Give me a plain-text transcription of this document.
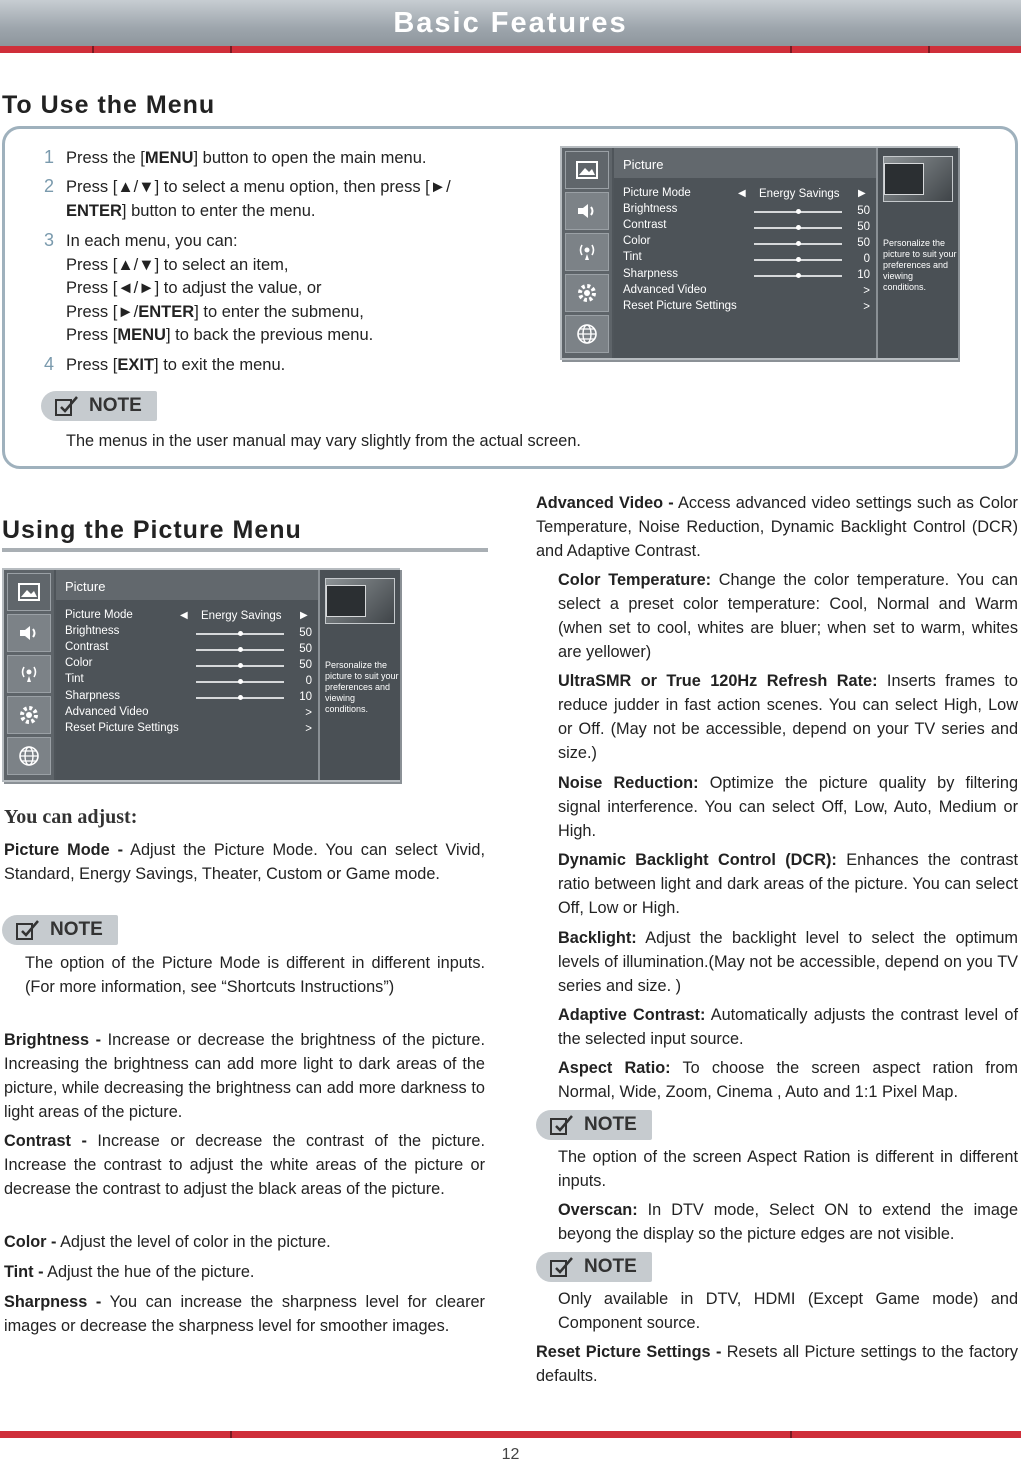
Basic Features
To Use the Menu
1 Press the [MENU] button to open the main menu.
2 Press [▲/▼] to select a menu option, then press [►/
ENTER] button to enter the menu.
3 In each menu, you can:
Press [▲/▼] to select an item,
Press [◄/►] to adjust the value, or
Press [►/ENTER] to enter the submenu,
Press [MENU] to back the previous menu.
4 Press [EXIT] to exit the menu.
NOTE
The menus in the user manual may vary slightly from the actual screen.
Picture
Picture Mode
Brightness
Contrast
Color
Tint
Sharpness
Advanced Video
Reset Picture Settings
◀ Energy Savings ▶
50
50
50
0
10
>
>
Personalize the
picture to suit your
preferences and
viewing conditions.
Using the Picture Menu
Picture
Picture Mode
Brightness
Contrast
Color
Tint
Sharpness
Advanced Video
Reset Picture Settings
◀ Energy Savings ▶
50
50
50
0
10
>
>
Personalize the
picture to suit your
preferences and
viewing conditions.
You can adjust:
Picture Mode - Adjust the Picture Mode. You can select Vivid, Standard, Energy Savings, Theater, Custom or Game mode.
NOTE
The option of the Picture Mode is different in different inputs. (For more information, see “Shortcuts Instructions”)
Brightness - Increase or decrease the brightness of the picture. Increasing the brightness can add more light to dark areas of the picture, while decreasing the brightness can add more darkness to light areas of the picture.
Contrast - Increase or decrease the contrast of the picture. Increase the contrast to adjust the white areas of the picture or decrease the contrast to adjust the black areas of the picture.
Color - Adjust the level of color in the picture.
Tint - Adjust the hue of the picture.
Sharpness - You can increase the sharpness level for clearer images or decrease the sharpness level for smoother images.
Advanced Video - Access advanced video settings such as Color Temperature, Noise Reduction, Dynamic Backlight Control (DCR) and Adaptive Contrast.
Color Temperature: Change the color temperature. You can select a preset color temperature: Cool, Normal and Warm (when set to cool, whites are bluer; when set to warm, whites are yellower)
UltraSMR or True 120Hz Refresh Rate: Inserts frames to reduce judder in fast action scenes. You can select High, Low or Off. (May not be accessible, depend on your TV series and size.)
Noise Reduction: Optimize the picture quality by filtering signal interference. You can select Off, Low, Auto, Medium or High.
Dynamic Backlight Control (DCR): Enhances the contrast ratio between light and dark areas of the picture. You can select Off, Low or High.
Backlight: Adjust the backlight level to select the optimum levels of illumination.(May not be accessible, depend on you TV series and size. )
Adaptive Contrast: Automatically adjusts the contrast level of the selected input source.
Aspect Ratio: To choose the screen aspect ration from Normal, Wide, Zoom, Cinema , Auto and 1:1 Pixel Map.
NOTE
The option of the screen Aspect Ration is different in different inputs.
Overscan: In DTV mode, Select ON to extend the image beyong the display so the picture edges are not visible.
NOTE
Only available in DTV, HDMI (Except Game mode) and Component source.
Reset Picture Settings - Resets all Picture settings to the factory defaults.
12
